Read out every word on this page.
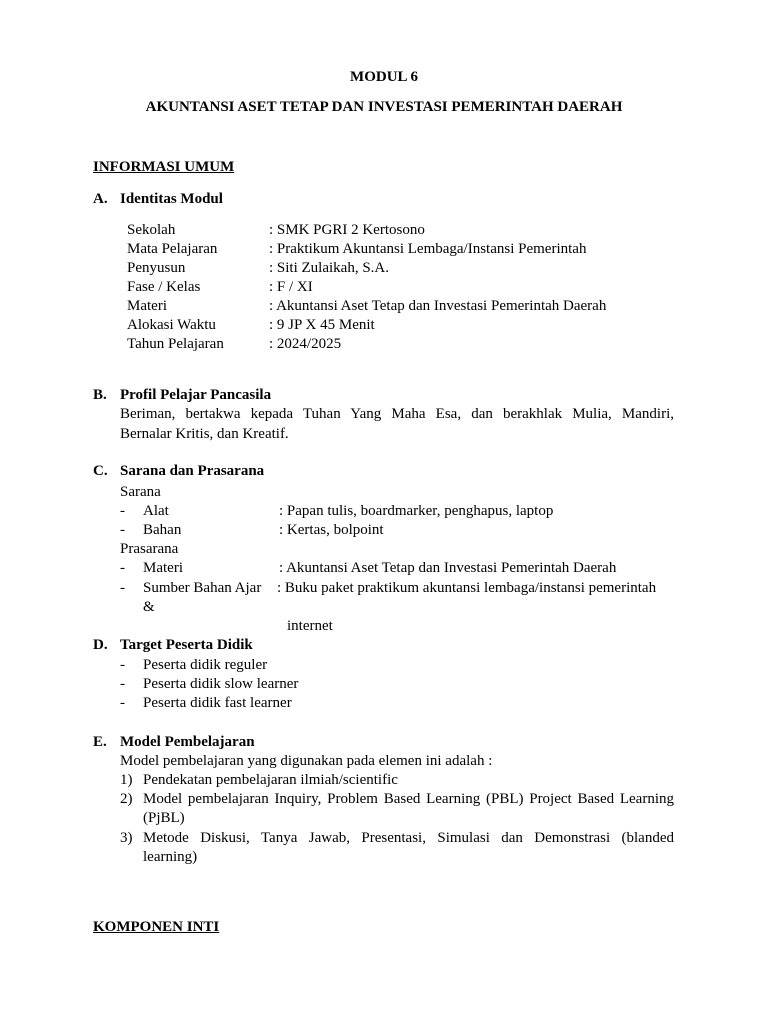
MODUL 6
AKUNTANSI ASET TETAP DAN INVESTASI PEMERINTAH DAERAH
INFORMASI UMUM
A. Identitas Modul
Sekolah	: SMK PGRI 2 Kertosono
Mata Pelajaran	: Praktikum Akuntansi Lembaga/Instansi Pemerintah
Penyusun	: Siti Zulaikah, S.A.
Fase / Kelas	: F / XI
Materi	: Akuntansi Aset Tetap dan Investasi Pemerintah Daerah
Alokasi Waktu	: 9 JP X 45 Menit
Tahun Pelajaran	: 2024/2025
B. Profil Pelajar Pancasila
Beriman, bertakwa kepada Tuhan Yang Maha Esa, dan berakhlak Mulia, Mandiri,
Bernalar Kritis, dan Kreatif.
C. Sarana dan Prasarana
Sarana
- Alat	: Papan tulis, boardmarker, penghapus, laptop
- Bahan	: Kertas, bolpoint
Prasarana
- Materi	: Akuntansi Aset Tetap dan Investasi Pemerintah Daerah
- Sumber Bahan Ajar : Buku paket praktikum akuntansi lembaga/instansi pemerintah
&
internet
D. Target Peserta Didik
- Peserta didik reguler
- Peserta didik slow learner
- Peserta didik fast learner
E. Model Pembelajaran
Model pembelajaran yang digunakan pada elemen ini adalah :
1) Pendekatan pembelajaran ilmiah/scientific
2) Model pembelajaran Inquiry, Problem Based Learning (PBL) Project Based Learning
(PjBL)
3) Metode Diskusi, Tanya Jawab, Presentasi, Simulasi dan Demonstrasi (blanded
learning)
KOMPONEN INTI
